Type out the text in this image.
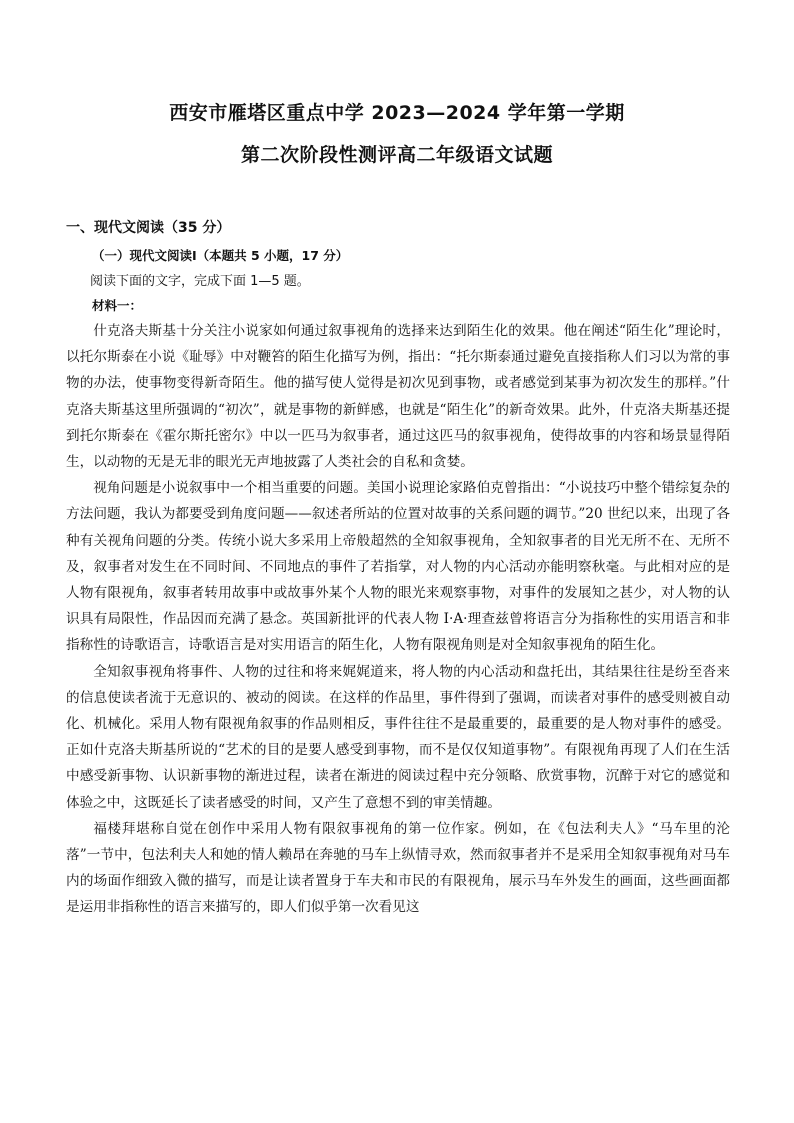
西安市雁塔区重点中学 2023—2024 学年第一学期
第二次阶段性测评高二年级语文试题
一、现代文阅读（35 分）
（一）现代文阅读Ⅰ（本题共 5 小题，17 分）
阅读下面的文字，完成下面 1—5 题。
材料一：

什克洛夫斯基十分关注小说家如何通过叙事视角的选择来达到陌生化的效果。他在阐述“陌生化”理论时，以托尔斯泰在小说《耻辱》中对鞭笞的陌生化描写为例，指出：“托尔斯泰通过避免直接指称人们习以为常的事物的办法，使事物变得新奇陌生。他的描写使人觉得是初次见到事物，或者感觉到某事为初次发生的那样。”什克洛夫斯基这里所强调的“初次”，就是事物的新鲜感，也就是“陌生化”的新奇效果。此外，什克洛夫斯基还提到托尔斯泰在《霍尔斯托密尔》中以一匹马为叙事者，通过这匹马的叙事视角，使得故事的内容和场景显得陌生，以动物的无是无非的眼光无声地披露了人类社会的自私和贪婪。

视角问题是小说叙事中一个相当重要的问题。美国小说理论家路伯克曾指出：“小说技巧中整个错综复杂的方法问题，我认为都要受到角度问题——叙述者所站的位置对故事的关系问题的调节。”20 世纪以来，出现了各种有关视角问题的分类。传统小说大多采用上帝般超然的全知叙事视角，全知叙事者的目光无所不在、无所不及，叙事者对发生在不同时间、不同地点的事件了若指掌，对人物的内心活动亦能明察秋毫。与此相对应的是人物有限视角，叙事者转用故事中或故事外某个人物的眼光来观察事物，对事件的发展知之甚少，对人物的认识具有局限性，作品因而充满了悬念。英国新批评的代表人物 I·A·理查兹曾将语言分为指称性的实用语言和非指称性的诗歌语言，诗歌语言是对实用语言的陌生化，人物有限视角则是对全知叙事视角的陌生化。

全知叙事视角将事件、人物的过往和将来娓娓道来，将人物的内心活动和盘托出，其结果往往是纷至沓来的信息使读者流于无意识的、被动的阅读。在这样的作品里，事件得到了强调，而读者对事件的感受则被自动化、机械化。采用人物有限视角叙事的作品则相反，事件往往不是最重要的，最重要的是人物对事件的感受。正如什克洛夫斯基所说的“艺术的目的是要人感受到事物，而不是仅仅知道事物”。有限视角再现了人们在生活中感受新事物、认识新事物的渐进过程，读者在渐进的阅读过程中充分领略、欣赏事物，沉醉于对它的感觉和体验之中，这既延长了读者感受的时间，又产生了意想不到的审美情趣。

福楼拜堪称自觉在创作中采用人物有限叙事视角的第一位作家。例如，在《包法利夫人》“马车里的沦落”一节中，包法利夫人和她的情人赖昂在奔驰的马车上纵情寻欢，然而叙事者并不是采用全知叙事视角对马车内的场面作细致入微的描写，而是让读者置身于车夫和市民的有限视角，展示马车外发生的画面，这些画面都是运用非指称性的语言来描写的，即人们似乎第一次看见这
